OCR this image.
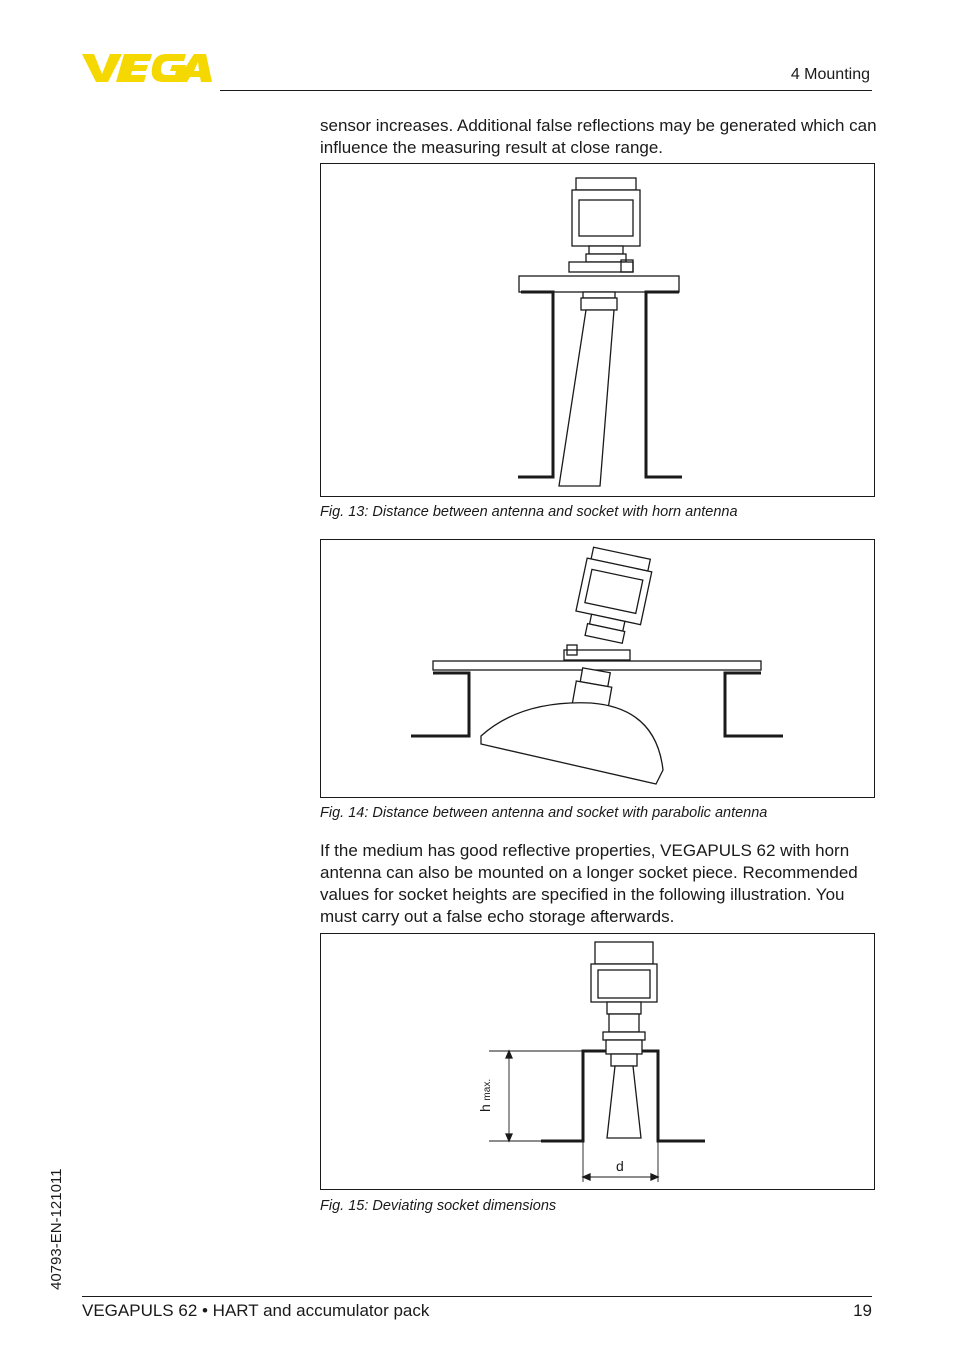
4 Mounting
sensor increases. Additional false reflections may be generated which can influence the measuring result at close range.
Fig. 13: Distance between antenna and socket with horn antenna
Fig. 14: Distance between antenna and socket with parabolic antenna
If the medium has good reflective properties, VEGAPULS 62 with horn antenna can also be mounted on a longer socket piece. Recommended values for socket heights are specified in the following illustration. You must carry out a false echo storage afterwards.
h max.
d
Fig. 15: Deviating socket dimensions
40793-EN-121011
VEGAPULS 62 • HART and accumulator pack	19
